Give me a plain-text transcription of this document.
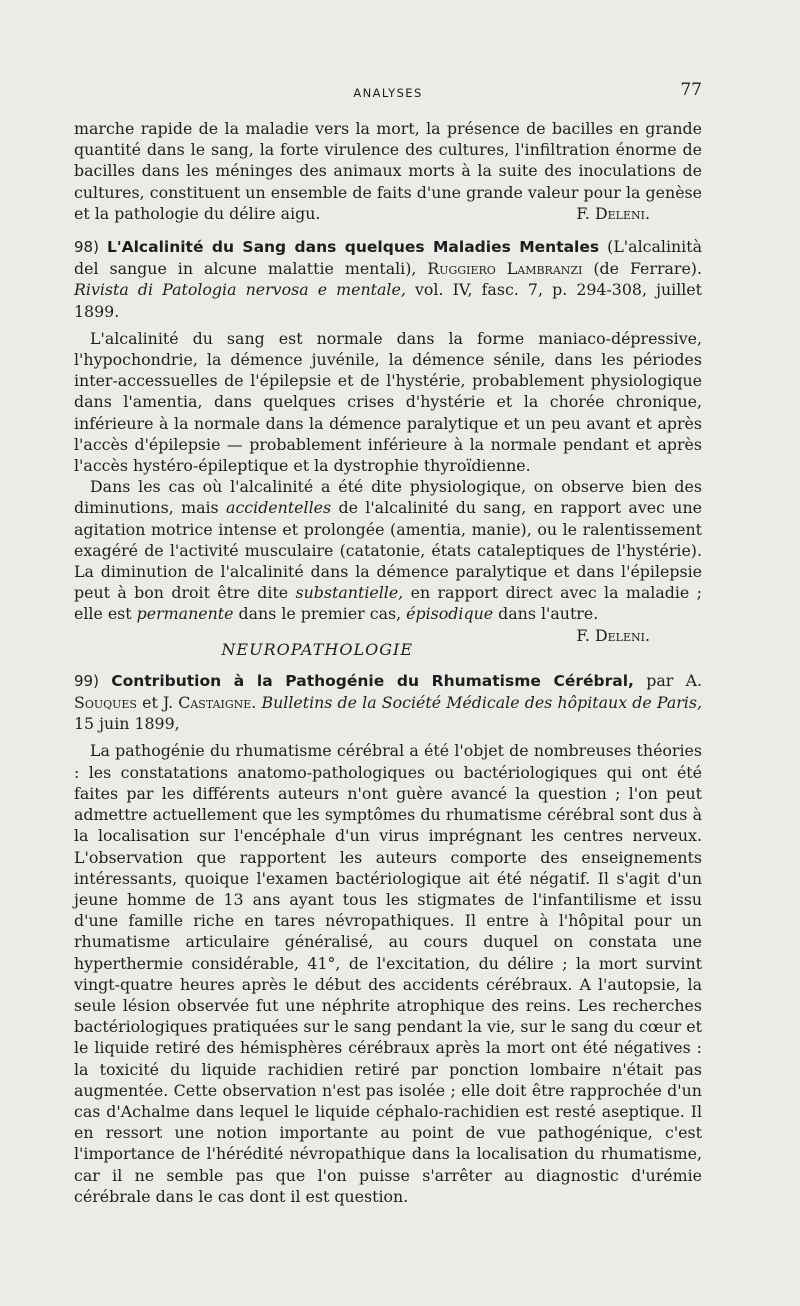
ANALYSES	77

marche rapide de la maladie vers la mort, la présence de bacilles en grande quantité dans le sang, la forte virulence des cultures, l'infiltration énorme de bacilles dans les méninges des animaux morts à la suite des inoculations de cultures, constituent un ensemble de faits d'une grande valeur pour la genèse et la pathologie du délire aigu.	F. Deleni.

98) L'Alcalinité du Sang dans quelques Maladies Mentales (L'alcalinità del sangue in alcune malattie mentali), Ruggiero Lambranzi (de Ferrare). Rivista di Patologia nervosa e mentale, vol. IV, fasc. 7, p. 294-308, juillet 1899.

L'alcalinité du sang est normale dans la forme maniaco-dépressive, l'hypochondrie, la démence juvénile, la démence sénile, dans les périodes inter-accessuelles de l'épilepsie et de l'hystérie, probablement physiologique dans l'amentia, dans quelques crises d'hystérie et la chorée chronique, inférieure à la normale dans la démence paralytique et un peu avant et après l'accès d'épilepsie — probablement inférieure à la normale pendant et après l'accès hystéro-épileptique et la dystrophie thyroïdienne.

Dans les cas où l'alcalinité a été dite physiologique, on observe bien des diminutions, mais accidentelles de l'alcalinité du sang, en rapport avec une agitation motrice intense et prolongée (amentia, manie), ou le ralentissement exagéré de l'activité musculaire (catatonie, états cataleptiques de l'hystérie). La diminution de l'alcalinité dans la démence paralytique et dans l'épilepsie peut à bon droit être dite substantielle, en rapport direct avec la maladie ; elle est permanente dans le premier cas, épisodique dans l'autre.
F. Deleni.

NEUROPATHOLOGIE
99) Contribution à la Pathogénie du Rhumatisme Cérébral, par A. Souques et J. Castaigne. Bulletins de la Société Médicale des hôpitaux de Paris, 15 juin 1899,

La pathogénie du rhumatisme cérébral a été l'objet de nombreuses théories : les constatations anatomo-pathologiques ou bactériologiques qui ont été faites par les différents auteurs n'ont guère avancé la question ; l'on peut admettre actuellement que les symptômes du rhumatisme cérébral sont dus à la localisation sur l'encéphale d'un virus imprégnant les centres nerveux. L'observation que rapportent les auteurs comporte des enseignements intéressants, quoique l'examen bactériologique ait été négatif. Il s'agit d'un jeune homme de 13 ans ayant tous les stigmates de l'infantilisme et issu d'une famille riche en tares névropathiques. Il entre à l'hôpital pour un rhumatisme articulaire généralisé, au cours duquel on constata une hyperthermie considérable, 41°, de l'excitation, du délire ; la mort survint vingt-quatre heures après le début des accidents cérébraux. A l'autopsie, la seule lésion observée fut une néphrite atrophique des reins. Les recherches bactériologiques pratiquées sur le sang pendant la vie, sur le sang du cœur et le liquide retiré des hémisphères cérébraux après la mort ont été négatives : la toxicité du liquide rachidien retiré par ponction lombaire n'était pas augmentée. Cette observation n'est pas isolée ; elle doit être rapprochée d'un cas d'Achalme dans lequel le liquide céphalo-rachidien est resté aseptique. Il en ressort une notion importante au point de vue pathogénique, c'est l'importance de l'hérédité névropathique dans la localisation du rhumatisme, car il ne semble pas que l'on puisse s'arrêter au diagnostic d'urémie cérébrale dans le cas dont il est question.
